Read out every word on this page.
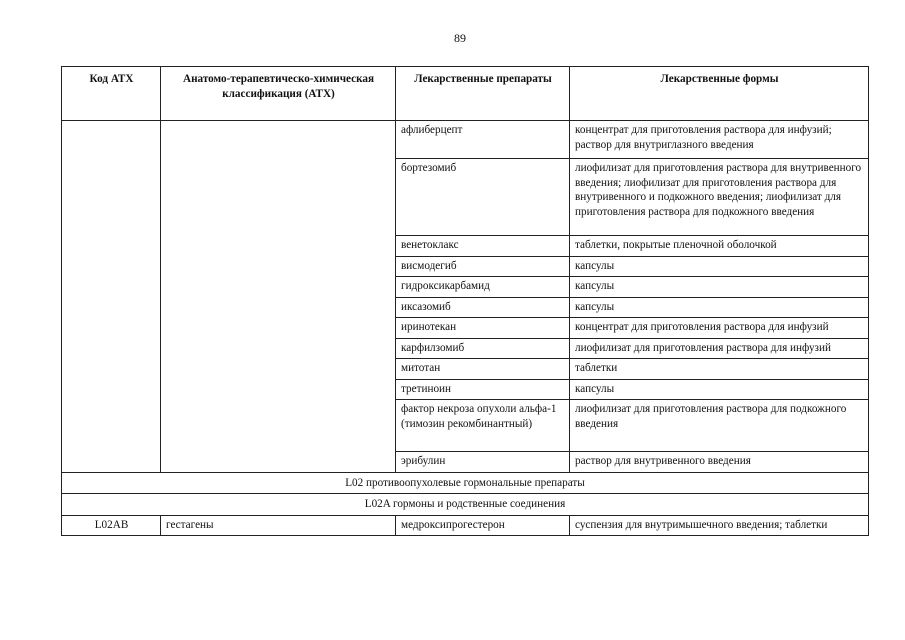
89
Код АТХ	Анатомо-терапевтическо-химическая классификация (АТХ)	Лекарственные препараты	Лекарственные формы
		афлиберцепт	концентрат для приготовления раствора для инфузий; раствор для внутриглазного введения
		бортезомиб	лиофилизат для приготовления раствора для внутривенного введения; лиофилизат для приготовления раствора для внутривенного и подкожного введения; лиофилизат для приготовления раствора для подкожного введения
		венетоклакс	таблетки, покрытые пленочной оболочкой
		висмодегиб	капсулы
		гидроксикарбамид	капсулы
		иксазомиб	капсулы
		иринотекан	концентрат для приготовления раствора для инфузий
		карфилзомиб	лиофилизат для приготовления раствора для инфузий
		митотан	таблетки
		третиноин	капсулы
		фактор некроза опухоли альфа-1 (тимозин рекомбинантный)	лиофилизат для приготовления раствора для подкожного введения
		эрибулин	раствор для внутривенного введения
L02 противоопухолевые гормональные препараты			
L02A гормоны и родственные соединения			
L02AB	гестагены	медроксипрогестерон	суспензия для внутримышечного введения; таблетки
